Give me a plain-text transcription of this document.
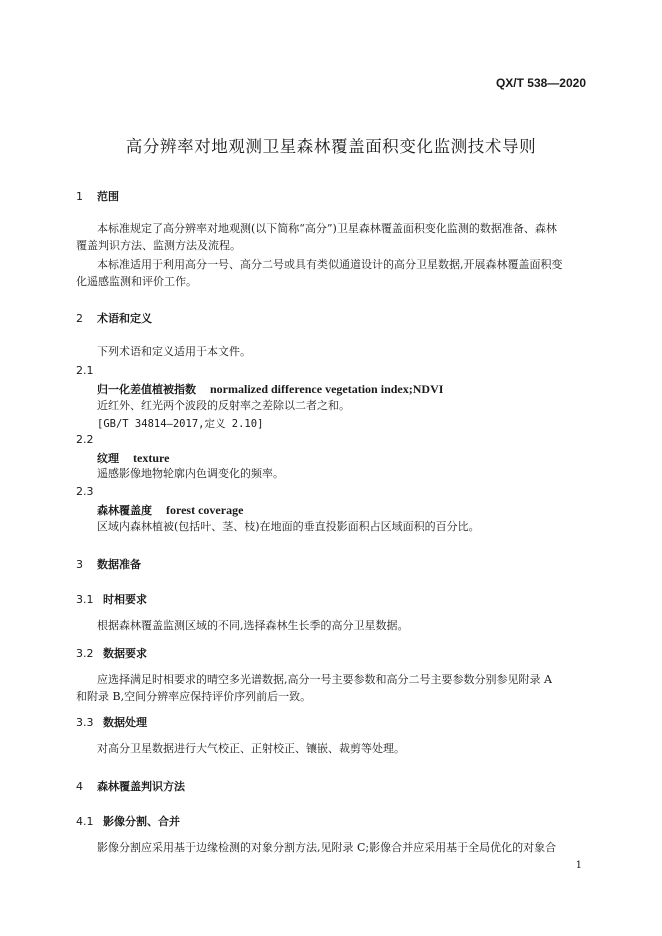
QX/T 538—2020
高分辨率对地观测卫星森林覆盖面积变化监测技术导则
1 范围
本标准规定了高分辨率对地观测(以下简称“高分”)卫星森林覆盖面积变化监测的数据准备、森林
覆盖判识方法、监测方法及流程。
本标准适用于利用高分一号、高分二号或具有类似通道设计的高分卫星数据,开展森林覆盖面积变
化遥感监测和评价工作。
2 术语和定义
下列术语和定义适用于本文件。
2.1
归一化差值植被指数 normalized difference vegetation index;NDVI
近红外、红光两个波段的反射率之差除以二者之和。
[GB/T 34814—2017,定义 2.10]
2.2
纹理 texture
遥感影像地物轮廓内色调变化的频率。
2.3
森林覆盖度 forest coverage
区域内森林植被(包括叶、茎、枝)在地面的垂直投影面积占区域面积的百分比。
3 数据准备
3.1 时相要求
根据森林覆盖监测区域的不同,选择森林生长季的高分卫星数据。
3.2 数据要求
应选择满足时相要求的晴空多光谱数据,高分一号主要参数和高分二号主要参数分别参见附录 A
和附录 B,空间分辨率应保持评价序列前后一致。
3.3 数据处理
对高分卫星数据进行大气校正、正射校正、镶嵌、裁剪等处理。
4 森林覆盖判识方法
4.1 影像分割、合并
影像分割应采用基于边缘检测的对象分割方法,见附录 C;影像合并应采用基于全局优化的对象合
1
